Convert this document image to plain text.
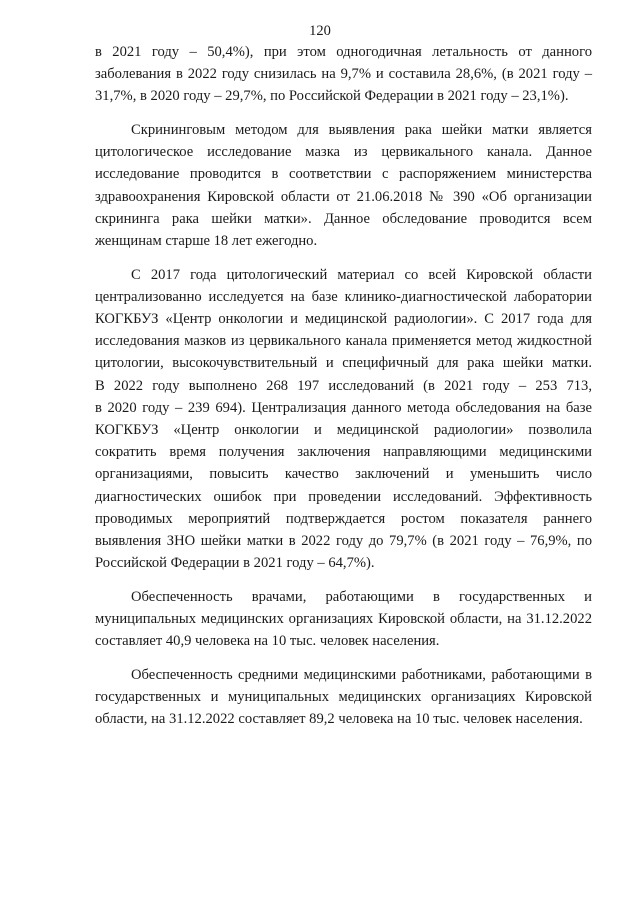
120

в 2021 году – 50,4%), при этом одногодичная летальность от данного
заболевания в 2022 году снизилась на 9,7% и составила 28,6%, (в 2021 году –
31,7%, в 2020 году – 29,7%, по Российской Федерации в 2021 году – 23,1%).

Скрининговым методом для выявления рака шейки матки является
цитологическое исследование мазка из цервикального канала. Данное
исследование проводится в соответствии с распоряжением министерства
здравоохранения Кировской области от 21.06.2018 № 390 «Об организации
скрининга рака шейки матки». Данное обследование проводится всем
женщинам старше 18 лет ежегодно.

С 2017 года цитологический материал со всей Кировской области
централизованно исследуется на базе клинико-диагностической лаборатории
КОГКБУЗ «Центр онкологии и медицинской радиологии». С 2017 года для
исследования мазков из цервикального канала применяется метод жидкостной
цитологии, высокочувствительный и специфичный для рака шейки матки.
В 2022 году выполнено 268 197 исследований (в 2021 году – 253 713,
в 2020 году – 239 694). Централизация данного метода обследования на базе
КОГКБУЗ «Центр онкологии и медицинской радиологии» позволила
сократить время получения заключения направляющими медицинскими
организациями, повысить качество заключений и уменьшить число
диагностических ошибок при проведении исследований. Эффективность
проводимых мероприятий подтверждается ростом показателя раннего
выявления ЗНО шейки матки в 2022 году до 79,7% (в 2021 году – 76,9%, по
Российской Федерации в 2021 году – 64,7%).

Обеспеченность врачами, работающими в государственных и
муниципальных медицинских организациях Кировской области, на 31.12.2022
составляет 40,9 человека на 10 тыс. человек населения.

Обеспеченность средними медицинскими работниками, работающими в
государственных и муниципальных медицинских организациях Кировской
области, на 31.12.2022 составляет 89,2 человека на 10 тыс. человек населения.
